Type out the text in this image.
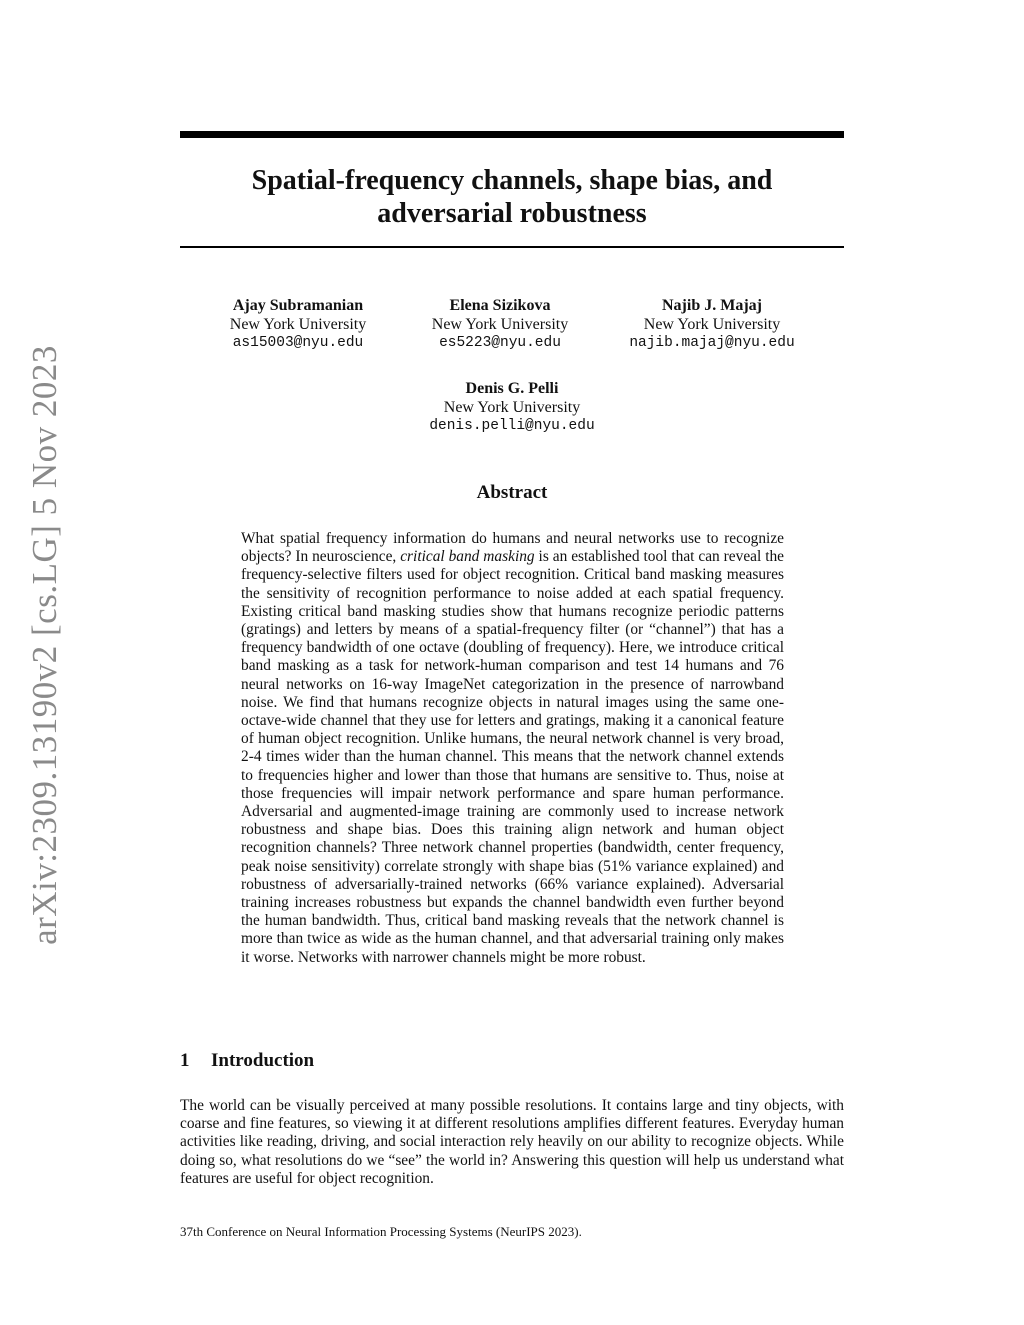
arXiv:2309.13190v2 [cs.LG] 5 Nov 2023
Spatial-frequency channels, shape bias, and
adversarial robustness
Ajay Subramanian
New York University
as15003@nyu.edu
Elena Sizikova
New York University
es5223@nyu.edu
Najib J. Majaj
New York University
najib.majaj@nyu.edu
Denis G. Pelli
New York University
denis.pelli@nyu.edu
Abstract

What spatial frequency information do humans and neural networks use to recognize objects? In neuroscience, critical band masking is an established tool that can reveal the frequency-selective filters used for object recognition. Critical band masking measures the sensitivity of recognition performance to noise added at each spatial frequency. Existing critical band masking studies show that humans recognize periodic patterns (gratings) and letters by means of a spatial-frequency filter (or “channel”) that has a frequency bandwidth of one octave (doubling of frequency). Here, we introduce critical band masking as a task for network-human comparison and test 14 humans and 76 neural networks on 16-way ImageNet categorization in the presence of narrowband noise. We find that humans recognize objects in natural images using the same one-octave-wide channel that they use for letters and gratings, making it a canonical feature of human object recognition. Unlike humans, the neural network channel is very broad, 2-4 times wider than the human channel. This means that the network channel extends to frequencies higher and lower than those that humans are sensitive to. Thus, noise at those frequencies will impair network performance and spare human performance. Adversarial and augmented-image training are commonly used to increase network robustness and shape bias. Does this training align network and human object recognition channels? Three network channel properties (bandwidth, center frequency, peak noise sensitivity) correlate strongly with shape bias (51% variance explained) and robustness of adversarially-trained networks (66% variance explained). Adversarial training increases robustness but expands the channel bandwidth even further beyond the human bandwidth. Thus, critical band masking reveals that the network channel is more than twice as wide as the human channel, and that adversarial training only makes it worse. Networks with narrower channels might be more robust.

1 Introduction

The world can be visually perceived at many possible resolutions. It contains large and tiny objects, with coarse and fine features, so viewing it at different resolutions amplifies different features. Everyday human activities like reading, driving, and social interaction rely heavily on our ability to recognize objects. While doing so, what resolutions do we “see” the world in? Answering this question will help us understand what features are useful for object recognition.

37th Conference on Neural Information Processing Systems (NeurIPS 2023).
